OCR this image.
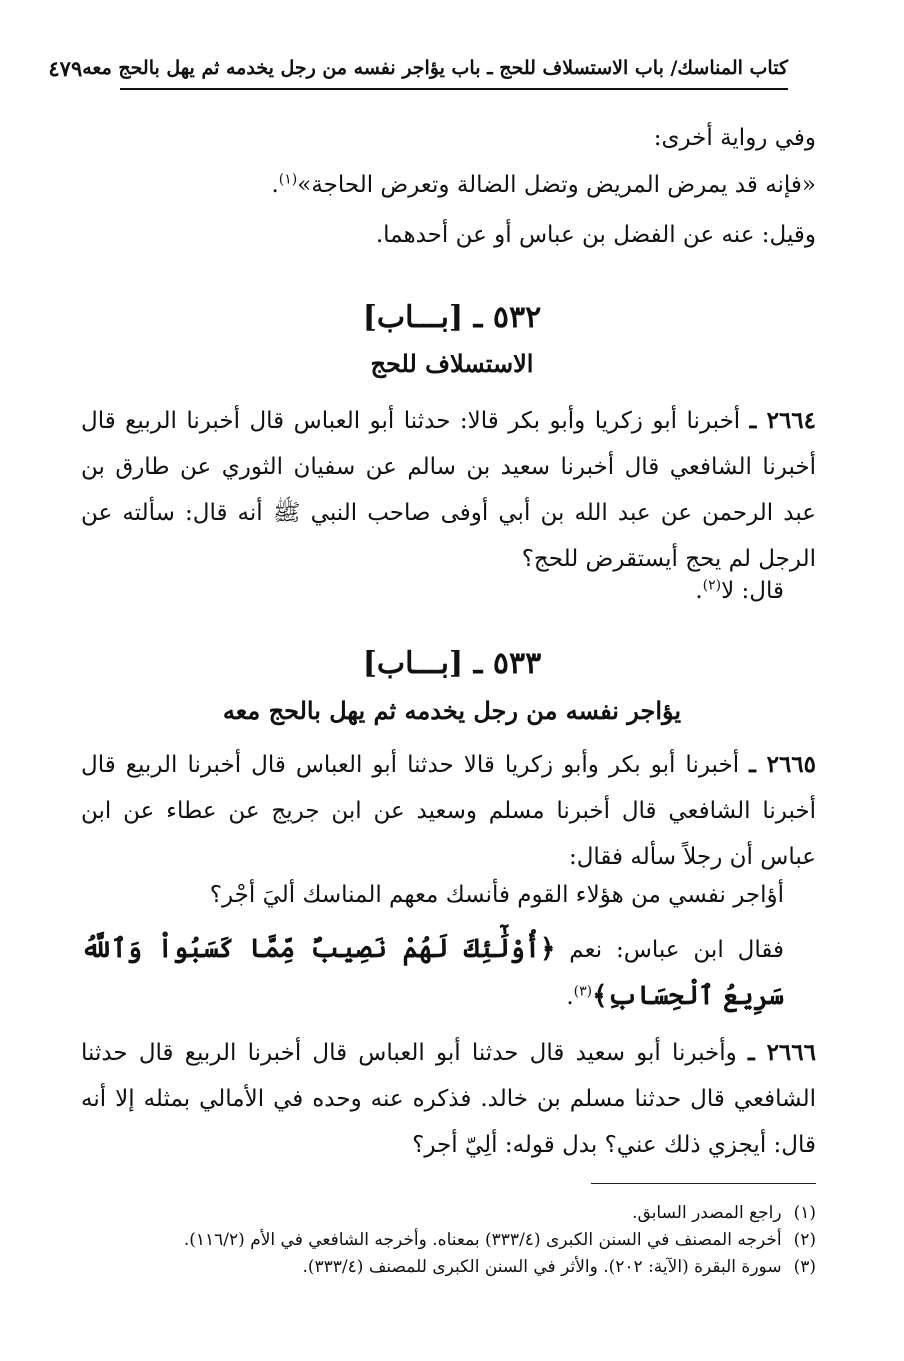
كتاب المناسك/ باب الاستسلاف للحج ـ باب يؤاجر نفسه من رجل يخدمه ثم يهل بالحج معه
٤٧٩
وفي رواية أخرى:
«فإنه قد يمرض المريض وتضل الضالة وتعرض الحاجة»$^{(١)}$.
وقيل: عنه عن الفضل بن عباس أو عن أحدهما.
٥٣٢ ـ [بـــاب]
الاستسلاف للحج
٢٦٦٤ ـ أخبرنا أبو زكريا وأبو بكر قالا: حدثنا أبو العباس قال أخبرنا الربيع قال أخبرنا الشافعي قال أخبرنا سعيد بن سالم عن سفيان الثوري عن طارق بن عبد الرحمن عن عبد الله بن أبي أوفى صاحب النبي ﷺ أنه قال: سألته عن الرجل لم يحج أيستقرض للحج؟
قال: لا$^{(٢)}$.
٥٣٣ ـ [بـــاب]
يؤاجر نفسه من رجل يخدمه ثم يهل بالحج معه
٢٦٦٥ ـ أخبرنا أبو بكر وأبو زكريا قالا حدثنا أبو العباس قال أخبرنا الربيع قال أخبرنا الشافعي قال أخبرنا مسلم وسعيد عن ابن جريج عن عطاء عن ابن عباس أن رجلاً سأله فقال:
أؤاجر نفسي من هؤلاء القوم فأنسك معهم المناسك أليَ أجْر؟
فقال ابن عباس: نعم ﴿أُوْلَٰٓئِكَ لَهُمْ نَصِيبٌ مِّمَّا كَسَبُواْ وَٱللَّهُ سَرِيعُ ٱلْحِسَابِ﴾$^{(٣)}$.
٢٦٦٦ ـ وأخبرنا أبو سعيد قال حدثنا أبو العباس قال أخبرنا الربيع قال حدثنا الشافعي قال حدثنا مسلم بن خالد. فذكره عنه وحده في الأمالي بمثله إلا أنه قال: أيجزي ذلك عني؟ بدل قوله: ألِيّ أجر؟
(١)راجع المصدر السابق.
(٢)أخرجه المصنف في السنن الكبرى (٣٣٣/٤) بمعناه. وأخرجه الشافعي في الأم (١١٦/٢).
(٣)سورة البقرة (الآية: ٢٠٢). والأثر في السنن الكبرى للمصنف (٣٣٣/٤).
